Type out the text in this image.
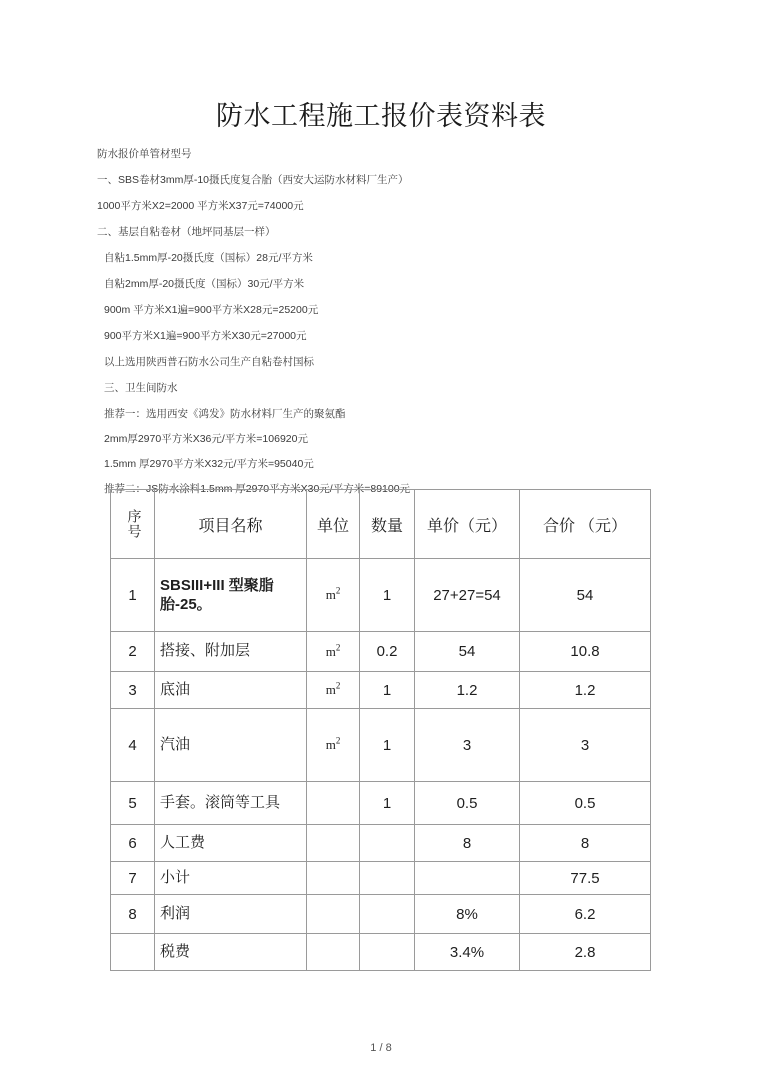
防水工程施工报价表资料表

防水报价单管材型号

一、SBS卷材3mm厚-10摄氏度复合胎（西安大运防水材料厂生产）

1000平方米X2=2000 平方米X37元=74000元

二、基层自粘卷材（地坪同基层一样）

自粘1.5mm厚-20摄氏度（国标）28元/平方米

自粘2mm厚-20摄氏度（国标）30元/平方米

900m 平方米X1遍=900平方米X28元=25200元

900平方米X1遍=900平方米X30元=27000元

以上选用陕西普石防水公司生产自粘卷村国标

三、卫生间防水

推荐一：选用西安《鸿发》防水材料厂生产的聚氨酯

2mm厚2970平方米X36元/平方米=106920元

1.5mm 厚2970平方米X32元/平方米=95040元

推荐二：JS防水涂料1.5mm 厚2970平方米X30元/平方米=89100元

序号	项目名称	单位	数量	单价（元）	合价 （元）
1	SBSIII+III 型聚脂 胎-25。	$m^2$	1	27+27=54	54
2	搭接、附加层	$m^2$	0.2	54	10.8
3	底油	$m^2$	1	1.2	1.2
4	汽油	$m^2$	1	3	3
5	手套。滚筒等工具		1	0.5	0.5
6	人工费			8	8
7	小计				77.5
8	利润			8%	6.2
	税费			3.4%	2.8
1 / 8
